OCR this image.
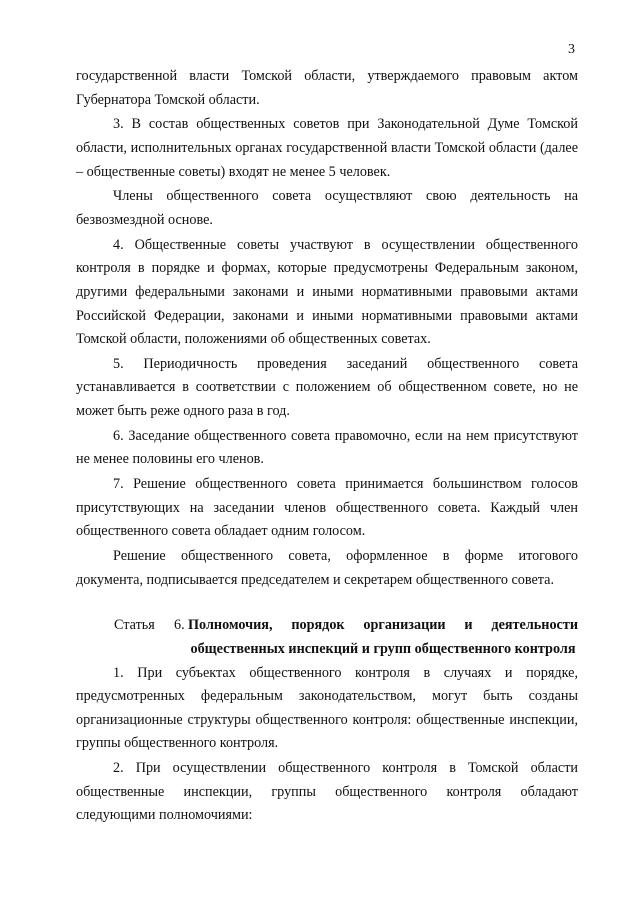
3

государственной власти Томской области, утверждаемого правовым актом Губернатора Томской области.

3. В состав общественных советов при Законодательной Думе Томской области, исполнительных органах государственной власти Томской области (далее – общественные советы) входят не менее 5 человек.

Члены общественного совета осуществляют свою деятельность на безвозмездной основе.

4. Общественные советы участвуют в осуществлении общественного контроля в порядке и формах, которые предусмотрены Федеральным законом, другими федеральными законами и иными нормативными правовыми актами Российской Федерации, законами и иными нормативными правовыми актами Томской области, положениями об общественных советах.

5. Периодичность проведения заседаний общественного совета устанавливается в соответствии с положением об общественном совете, но не может быть реже одного раза в год.

6. Заседание общественного совета правомочно, если на нем присутствуют не менее половины его членов.

7. Решение общественного совета принимается большинством голосов присутствующих на заседании членов общественного совета. Каждый член общественного совета обладает одним голосом.

Решение общественного совета, оформленное в форме итогового документа, подписывается председателем и секретарем общественного совета.

Статья	6. Полномочия, порядок организации и деятельности общественных инспекций и групп общественного контроля

1. При субъектах общественного контроля в случаях и порядке, предусмотренных федеральным законодательством, могут быть созданы организационные структуры общественного контроля: общественные инспекции, группы общественного контроля.

2. При осуществлении общественного контроля в Томской области общественные инспекции, группы общественного контроля обладают следующими полномочиями:
